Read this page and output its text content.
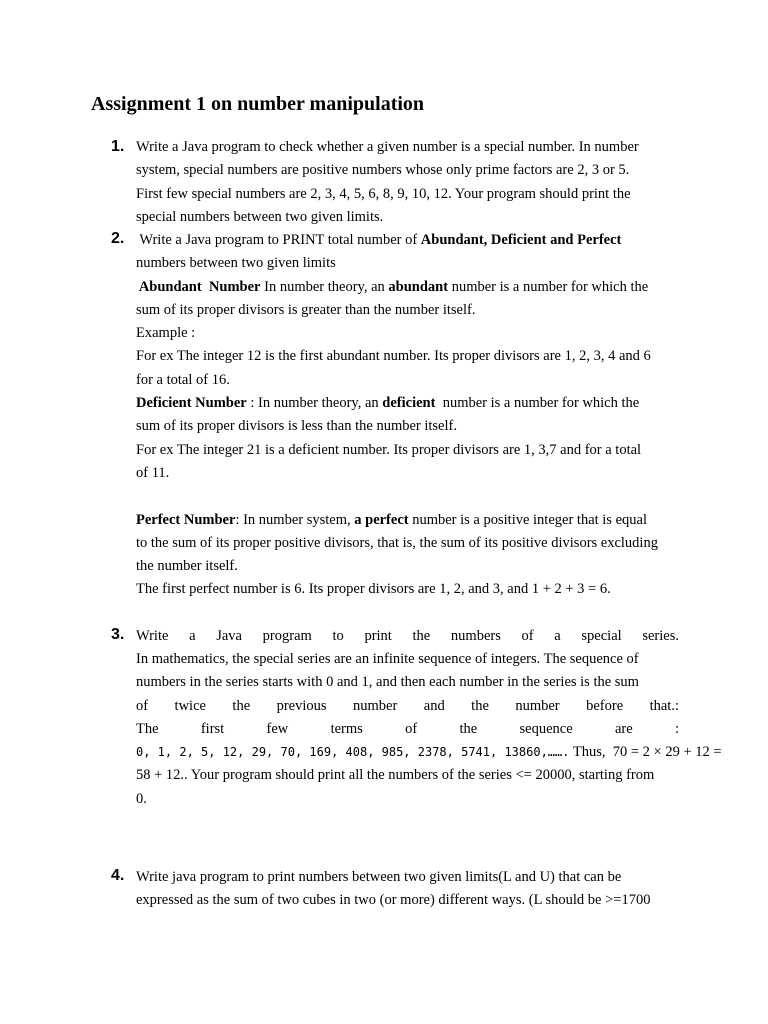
Assignment 1 on number manipulation
1. Write a Java program to check whether a given number is a special number. In number
system, special numbers are positive numbers whose only prime factors are 2, 3 or 5.
First few special numbers are 2, 3, 4, 5, 6, 8, 9, 10, 12. Your program should print the
special numbers between two given limits.
2. Write a Java program to PRINT total number of Abundant, Deficient and Perfect
numbers between two given limits
Abundant  Number In number theory, an abundant number is a number for which the
sum of its proper divisors is greater than the number itself.
Example :
For ex The integer 12 is the first abundant number. Its proper divisors are 1, 2, 3, 4 and 6
for a total of 16.
Deficient Number : In number theory, an deficient  number is a number for which the
sum of its proper divisors is less than the number itself.
For ex The integer 21 is a deficient number. Its proper divisors are 1, 3,7 and for a total
of 11.
Perfect Number: In number system, a perfect number is a positive integer that is equal
to the sum of its proper positive divisors, that is, the sum of its positive divisors excluding
the number itself.
The first perfect number is 6. Its proper divisors are 1, 2, and 3, and 1 + 2 + 3 = 6.
3. Write a Java program to print the numbers of a special series.
In mathematics, the special series are an infinite sequence of integers. The sequence of
numbers in the series starts with 0 and 1, and then each number in the series is the sum
of twice the previous number and the number before that.:
The first few terms of the sequence are :
0, 1, 2, 5, 12, 29, 70, 169, 408, 985, 2378, 5741, 13860,……. Thus,  70 = 2 × 29 + 12 =
58 + 12.. Your program should print all the numbers of the series <= 20000, starting from
0.
4. Write java program to print numbers between two given limits(L and U) that can be
expressed as the sum of two cubes in two (or more) different ways. (L should be >=1700
